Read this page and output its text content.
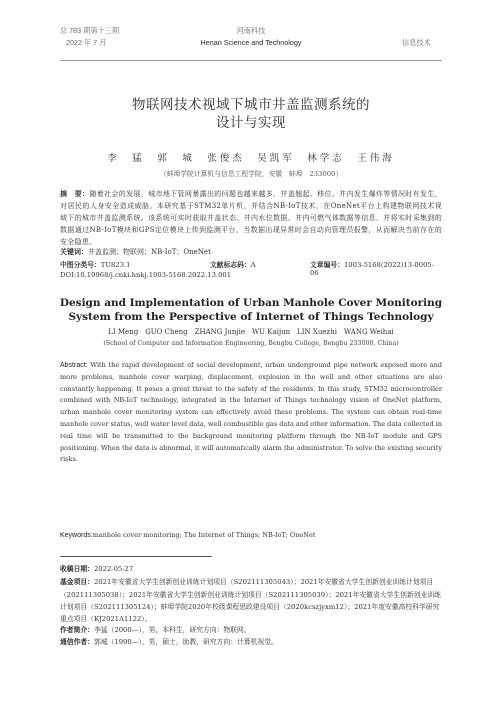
总 783 期第十三期
2022 年 7 月
河南科技
Henan Science and Technology	信息技术
物联网技术视域下城市井盖监测系统的
设计与实现
李　猛　郭　城　张俊杰　吴凯军　林学志　王伟海
（蚌埠学院计算机与信息工程学院，安徽　蚌埠　233000）
摘　要：随着社会的发展，城市地下管网暴露出的问题也越来越多，井盖翘起、移位、井内发生爆炸等情况时有发生，对居民的人身安全造成威胁。本研究基于STM32单片机，并结合NB-IoT技术，在OneNet平台上构建物联网技术视域下的城市井盖监测系统。该系统可实时获取井盖状态、井内水位数据、井内可燃气体数据等信息，并将实时采集到的数据通过NB-IoT模块和GPS定位模块上传到监测平台，当数据出现异常时会自动向管理员报警，从而解决当前存在的安全隐患。
关键词：井盖监测；物联网；NB-IoT；OneNet
中图分类号：TU823.1	文献标志码：A	文章编号：1003-5168(2022)13-0005-06
DOI:10.19968/j.cnki.hnkj.1003-5168.2022.13.001
Design and Implementation of Urban Manhole Cover Monitoring
System from the Perspective of Internet of Things Technology
LI Meng　GUO Cheng　ZHANG Junjie　WU Kaijun　LIN Xuezhi　WANG Weihai
(School of Computer and Information Engineering, Bengbu College, Bengbu 233000, China)
Abstract: With the rapid development of social development, urban underground pipe network exposed more and more problems, manhole cover warping, displacement, explosion in the well and other situations are also constantly happening. It poses a great threat to the safety of the residents. In this study, STM32 microcontroller combined with NB-IoT technology, integrated in the Internet of Things technology vision of OneNet platform, urban manhole cover monitoring system can effectively avoid these problems. The system can obtain real-time manhole cover status, well water level data, well combustible gas data and other information. The data collected in real time will be transmitted to the background monitoring platform through the NB-IoT module and GPS positioning. When the data is abnormal, it will automatically alarm the administrator. To solve the existing security risks.
Keywords:manhole cover monitoring; The Internet of Things; NB-IoT; OneNet
收稿日期：2022-05-27
基金项目：2021年安徽省大学生创新创业训练计划项目（S202111305043）；2021年安徽省大学生创新创业训练计划项目（202111305038）；2021年安徽省大学生创新创业训练计划项目（S202111305039）；2021年安徽省大学生创新创业训练计划项目（S202111305124）；蚌埠学院2020年校级课程思政建设项目（2020kcszjyxm12）；2021年度安徽高校科学研究重点项目（KJ2021A1122）。
作者简介：李猛（2000—），男，本科生，研究方向：物联网。
通信作者：郭城（1990—），男，硕士，助教，研究方向：计算机视觉。
